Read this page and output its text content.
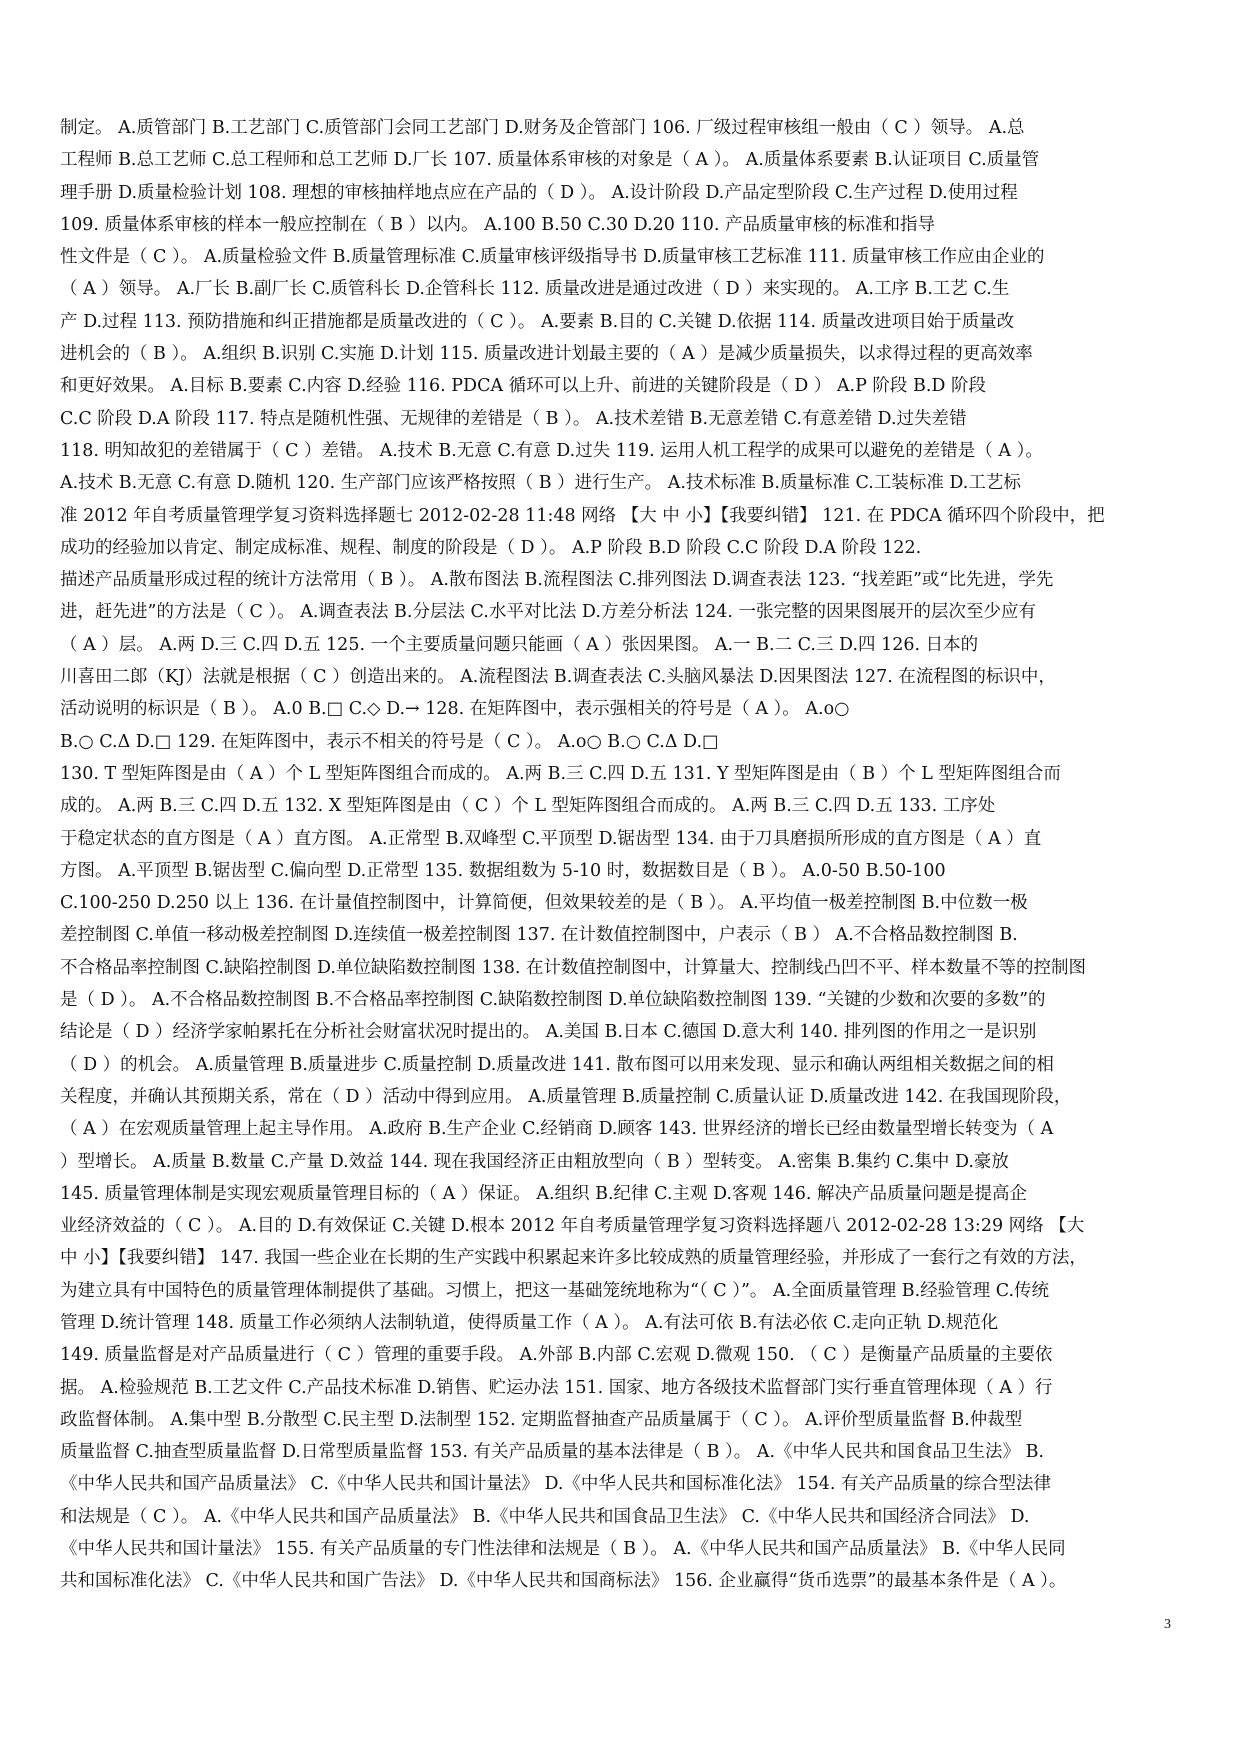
制定。 A.质管部门 B.工艺部门 C.质管部门会同工艺部门 D.财务及企管部门 106. 厂级过程审核组一般由（ C ）领导。 A.总
工程师 B.总工艺师 C.总工程师和总工艺师 D.厂长 107. 质量体系审核的对象是（ A ）。 A.质量体系要素 B.认证项目 C.质量管
理手册 D.质量检验计划 108. 理想的审核抽样地点应在产品的（ D ）。 A.设计阶段 D.产品定型阶段 C.生产过程 D.使用过程
109. 质量体系审核的样本一般应控制在（ B ）以内。 A.100 B.50 C.30 D.20 110. 产品质量审核的标准和指导
性文件是（ C ）。 A.质量检验文件 B.质量管理标准 C.质量审核评级指导书 D.质量审核工艺标准 111. 质量审核工作应由企业的
（ A ）领导。 A.厂长 B.副厂长 C.质管科长 D.企管科长 112. 质量改进是通过改进（ D ）来实现的。 A.工序 B.工艺 C.生
产 D.过程 113. 预防措施和纠正措施都是质量改进的（ C ）。 A.要素 B.目的 C.关键 D.依据 114. 质量改进项目始于质量改
进机会的（ B ）。 A.组织 B.识别 C.实施 D.计划 115. 质量改进计划最主要的（ A ）是减少质量损失，以求得过程的更高效率
和更好效果。 A.目标 B.要素 C.内容 D.经验 116. PDCA 循环可以上升、前进的关键阶段是（ D ） A.P 阶段 B.D 阶段
C.C 阶段 D.A 阶段 117. 特点是随机性强、无规律的差错是（ B ）。 A.技术差错 B.无意差错 C.有意差错 D.过失差错
118. 明知故犯的差错属于（ C ）差错。 A.技术 B.无意 C.有意 D.过失 119. 运用人机工程学的成果可以避免的差错是（ A ）。
A.技术 B.无意 C.有意 D.随机 120. 生产部门应该严格按照（ B ）进行生产。 A.技术标准 B.质量标准 C.工装标准 D.工艺标
准 2012 年自考质量管理学复习资料选择题七 2012-02-28 11:48 网络 【大 中 小】【我要纠错】 121. 在 PDCA 循环四个阶段中，把
成功的经验加以肯定、制定成标准、规程、制度的阶段是（ D ）。 A.P 阶段 B.D 阶段 C.C 阶段 D.A 阶段 122.
描述产品质量形成过程的统计方法常用（ B ）。 A.散布图法 B.流程图法 C.排列图法 D.调查表法 123. “找差距”或“比先进，学先
进，赶先进”的方法是（ C ）。 A.调查表法 B.分层法 C.水平对比法 D.方差分析法 124. 一张完整的因果图展开的层次至少应有
（ A ）层。 A.两 D.三 C.四 D.五 125. 一个主要质量问题只能画（ A ）张因果图。 A.一 B.二 C.三 D.四 126. 日本的
川喜田二郎（KJ）法就是根据（ C ）创造出来的。 A.流程图法 B.调查表法 C.头脑风暴法 D.因果图法 127. 在流程图的标识中，
活动说明的标识是（ B ）。 A.0 B.□ C.◇ D.→ 128. 在矩阵图中，表示强相关的符号是（ A ）。 A.o○
B.○ C.Δ D.□ 129. 在矩阵图中，表示不相关的符号是（ C ）。 A.o○ B.○ C.Δ D.□
130. T 型矩阵图是由（ A ）个 L 型矩阵图组合而成的。 A.两 B.三 C.四 D.五 131. Y 型矩阵图是由（ B ）个 L 型矩阵图组合而
成的。 A.两 B.三 C.四 D.五 132. X 型矩阵图是由（ C ）个 L 型矩阵图组合而成的。 A.两 B.三 C.四 D.五 133. 工序处
于稳定状态的直方图是（ A ）直方图。 A.正常型 B.双峰型 C.平顶型 D.锯齿型 134. 由于刀具磨损所形成的直方图是（ A ）直
方图。 A.平顶型 B.锯齿型 C.偏向型 D.正常型 135. 数据组数为 5-10 时，数据数目是（ B ）。 A.0-50 B.50-100
C.100-250 D.250 以上 136. 在计量值控制图中，计算简便，但效果较差的是（ B ）。 A.平均值一极差控制图 B.中位数一极
差控制图 C.单值一移动极差控制图 D.连续值一极差控制图 137. 在计数值控制图中，户表示（ B ） A.不合格品数控制图 B.
不合格品率控制图 C.缺陷控制图 D.单位缺陷数控制图 138. 在计数值控制图中，计算量大、控制线凸凹不平、样本数量不等的控制图
是（ D ）。 A.不合格品数控制图 B.不合格品率控制图 C.缺陷数控制图 D.单位缺陷数控制图 139. “关键的少数和次要的多数”的
结论是（ D ）经济学家帕累托在分析社会财富状况时提出的。 A.美国 B.日本 C.德国 D.意大利 140. 排列图的作用之一是识别
（ D ）的机会。 A.质量管理 B.质量进步 C.质量控制 D.质量改进 141. 散布图可以用来发现、显示和确认两组相关数据之间的相
关程度，并确认其预期关系，常在（ D ）活动中得到应用。 A.质量管理 B.质量控制 C.质量认证 D.质量改进 142. 在我国现阶段，
（ A ）在宏观质量管理上起主导作用。 A.政府 B.生产企业 C.经销商 D.顾客 143. 世界经济的增长已经由数量型增长转变为（ A
）型增长。 A.质量 B.数量 C.产量 D.效益 144. 现在我国经济正由粗放型向（ B ）型转变。 A.密集 B.集约 C.集中 D.豪放
145. 质量管理体制是实现宏观质量管理目标的（ A ）保证。 A.组织 B.纪律 C.主观 D.客观 146. 解决产品质量问题是提高企
业经济效益的（ C ）。 A.目的 D.有效保证 C.关键 D.根本 2012 年自考质量管理学复习资料选择题八 2012-02-28 13:29 网络 【大
中 小】【我要纠错】 147. 我国一些企业在长期的生产实践中积累起来许多比较成熟的质量管理经验，并形成了一套行之有效的方法，
为建立具有中国特色的质量管理体制提供了基础。习惯上，把这一基础笼统地称为“（ C ）”。 A.全面质量管理 B.经验管理 C.传统
管理 D.统计管理 148. 质量工作必须纳人法制轨道，使得质量工作（ A ）。 A.有法可依 B.有法必依 C.走向正轨 D.规范化
149. 质量监督是对产品质量进行（ C ）管理的重要手段。 A.外部 B.内部 C.宏观 D.微观 150. （ C ）是衡量产品质量的主要依
据。 A.检验规范 B.工艺文件 C.产品技术标准 D.销售、贮运办法 151. 国家、地方各级技术监督部门实行垂直管理体现（ A ）行
政监督体制。 A.集中型 B.分散型 C.民主型 D.法制型 152. 定期监督抽查产品质量属于（ C ）。 A.评价型质量监督 B.仲裁型
质量监督 C.抽查型质量监督 D.日常型质量监督 153. 有关产品质量的基本法律是（ B ）。 A.《中华人民共和国食品卫生法》 B.
《中华人民共和国产品质量法》 C.《中华人民共和国计量法》 D.《中华人民共和国标准化法》 154. 有关产品质量的综合型法律
和法规是（ C ）。 A.《中华人民共和国产品质量法》 B.《中华人民共和国食品卫生法》 C.《中华人民共和国经济合同法》 D.
《中华人民共和国计量法》 155. 有关产品质量的专门性法律和法规是（ B ）。 A.《中华人民共和国产品质量法》 B.《中华人民同
共和国标准化法》 C.《中华人民共和国广告法》 D.《中华人民共和国商标法》 156. 企业赢得“货币选票”的最基本条件是（ A ）。
3
